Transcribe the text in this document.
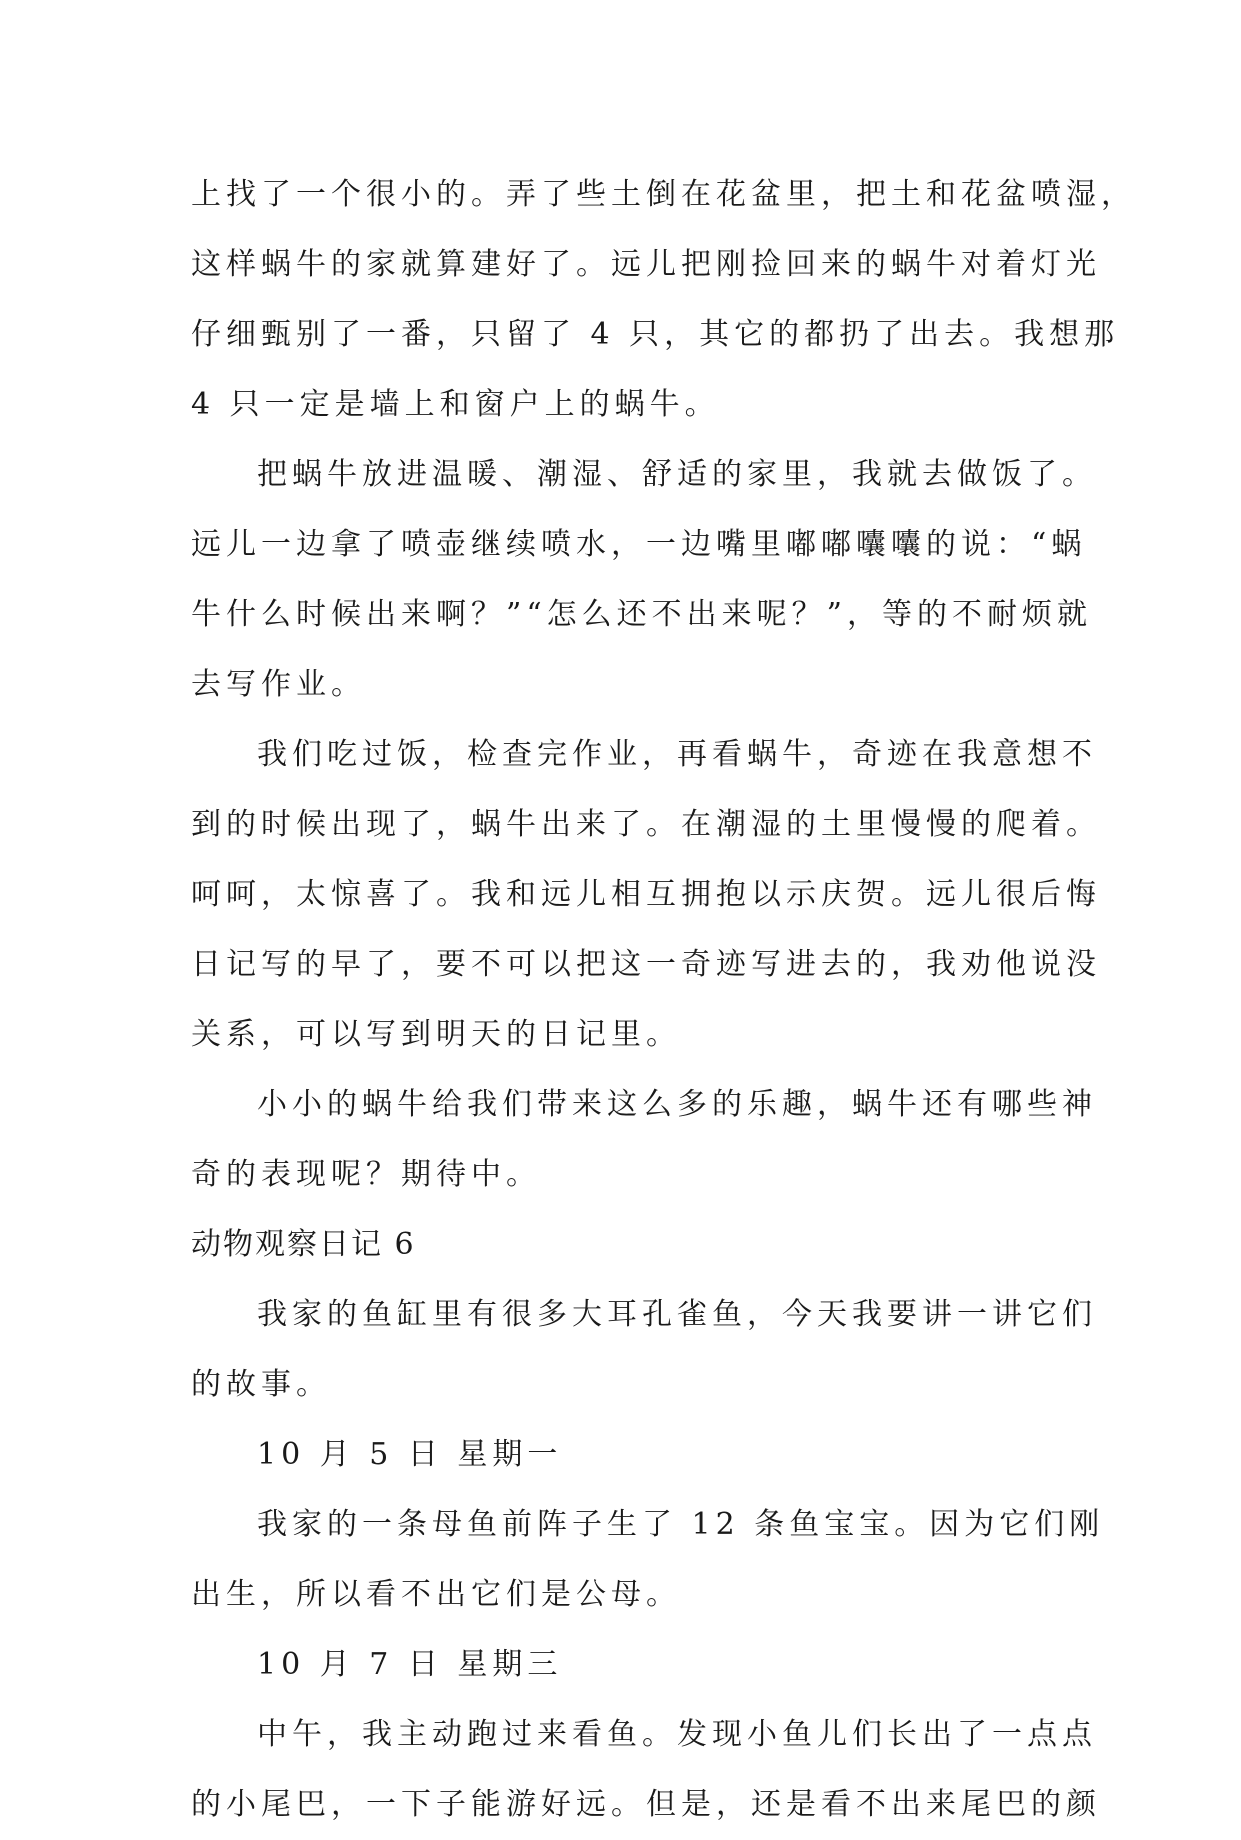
上找了一个很小的。弄了些土倒在花盆里，把土和花盆喷湿，
这样蜗牛的家就算建好了。远儿把刚捡回来的蜗牛对着灯光
仔细甄别了一番，只留了 4 只，其它的都扔了出去。我想那
4 只一定是墙上和窗户上的蜗牛。
把蜗牛放进温暖、潮湿、舒适的家里，我就去做饭了。
远儿一边拿了喷壶继续喷水，一边嘴里嘟嘟囔囔的说：“蜗
牛什么时候出来啊？”“怎么还不出来呢？”，等的不耐烦就
去写作业。
我们吃过饭，检查完作业，再看蜗牛，奇迹在我意想不
到的时候出现了，蜗牛出来了。在潮湿的土里慢慢的爬着。
呵呵，太惊喜了。我和远儿相互拥抱以示庆贺。远儿很后悔
日记写的早了，要不可以把这一奇迹写进去的，我劝他说没
关系，可以写到明天的日记里。
小小的蜗牛给我们带来这么多的乐趣，蜗牛还有哪些神
奇的表现呢？期待中。
动物观察日记 6
我家的鱼缸里有很多大耳孔雀鱼，今天我要讲一讲它们
的故事。
10 月 5 日 星期一
我家的一条母鱼前阵子生了 12 条鱼宝宝。因为它们刚
出生，所以看不出它们是公母。
10 月 7 日 星期三
中午，我主动跑过来看鱼。发现小鱼儿们长出了一点点
的小尾巴，一下子能游好远。但是，还是看不出来尾巴的颜
